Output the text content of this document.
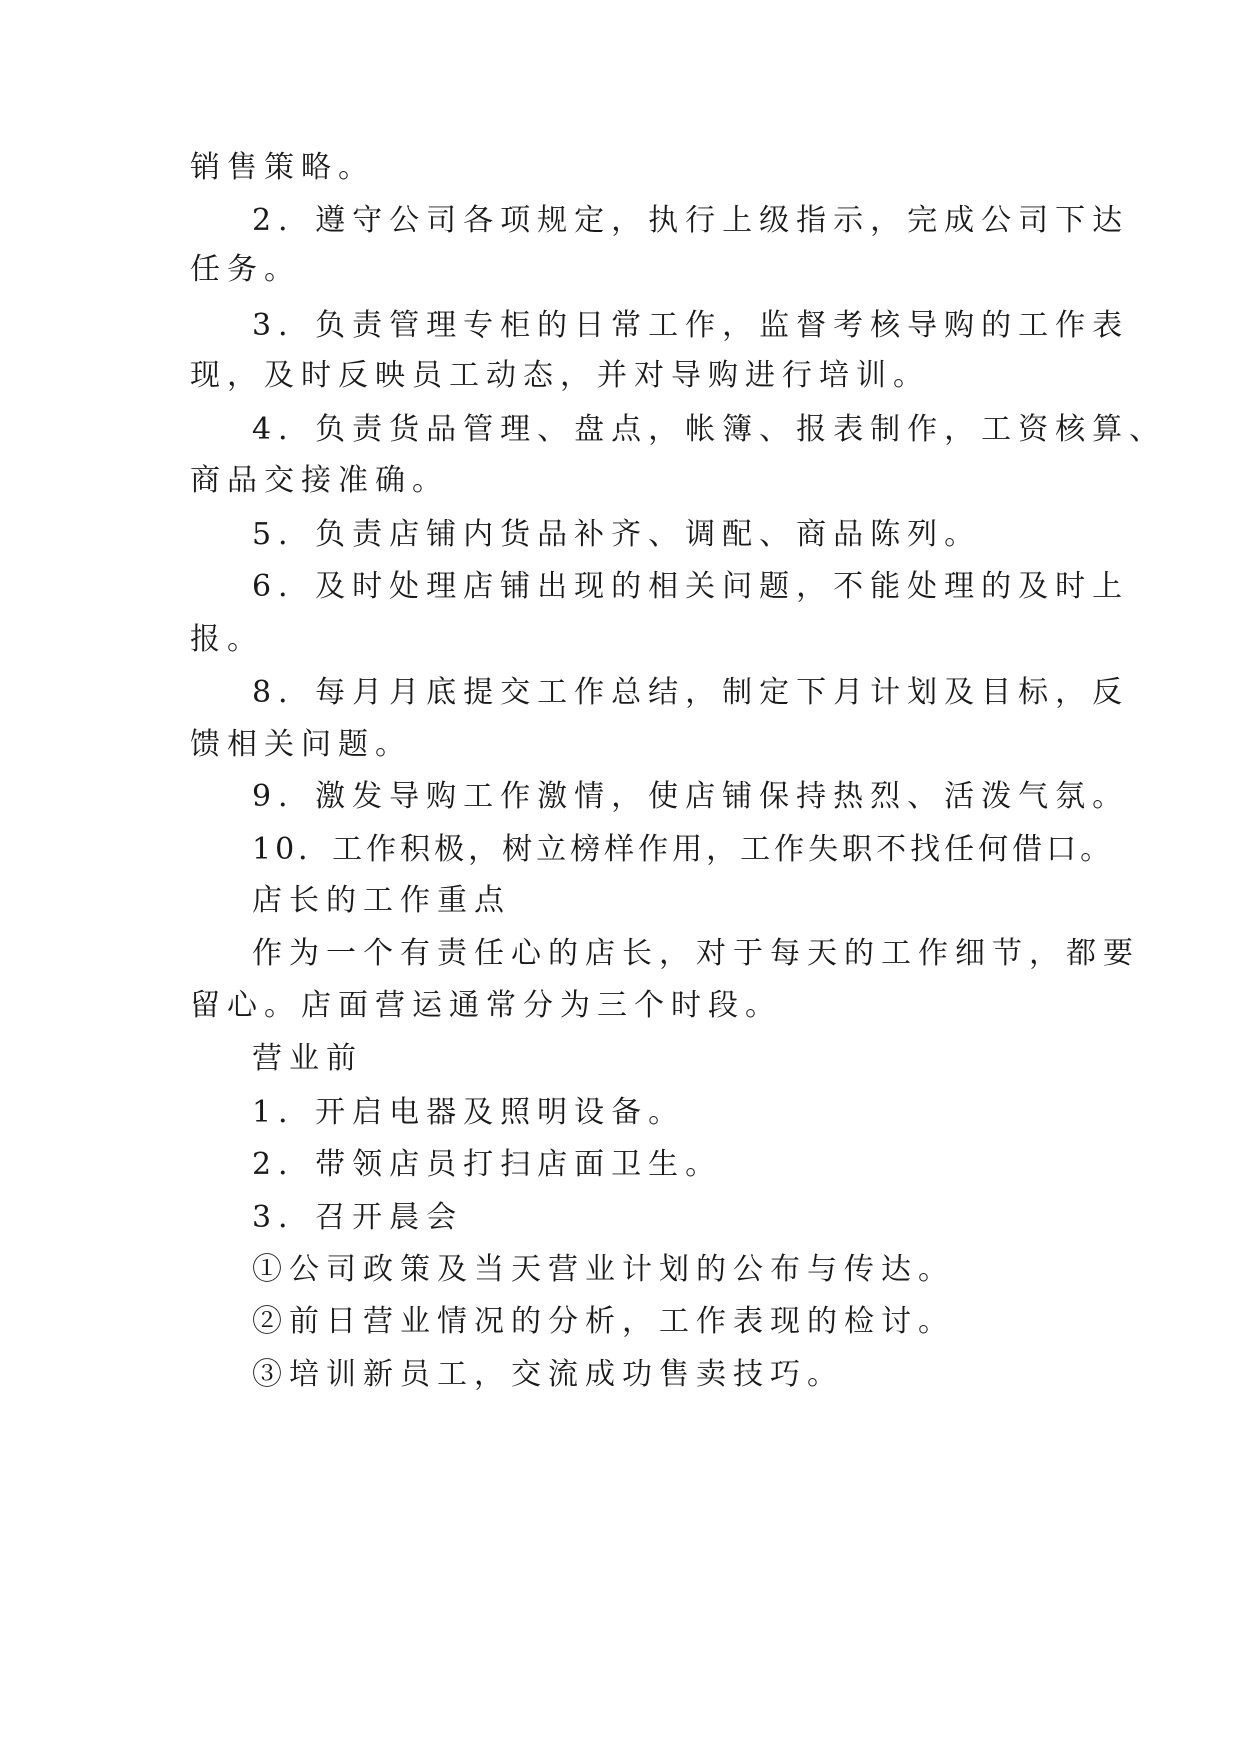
销售策略。

2．遵守公司各项规定，执行上级指示，完成公司下达

任务。

3．负责管理专柜的日常工作，监督考核导购的工作表

现，及时反映员工动态，并对导购进行培训。

4．负责货品管理、盘点，帐簿、报表制作，工资核算、

商品交接准确。

5．负责店铺内货品补齐、调配、商品陈列。

6．及时处理店铺出现的相关问题，不能处理的及时上

报。

8．每月月底提交工作总结，制定下月计划及目标，反

馈相关问题。

9．激发导购工作激情，使店铺保持热烈、活泼气氛。

10．工作积极，树立榜样作用，工作失职不找任何借口。

店长的工作重点

作为一个有责任心的店长，对于每天的工作细节，都要

留心。店面营运通常分为三个时段。

营业前

1．开启电器及照明设备。

2．带领店员打扫店面卫生。

3．召开晨会

①公司政策及当天营业计划的公布与传达。

②前日营业情况的分析，工作表现的检讨。

③培训新员工，交流成功售卖技巧。
